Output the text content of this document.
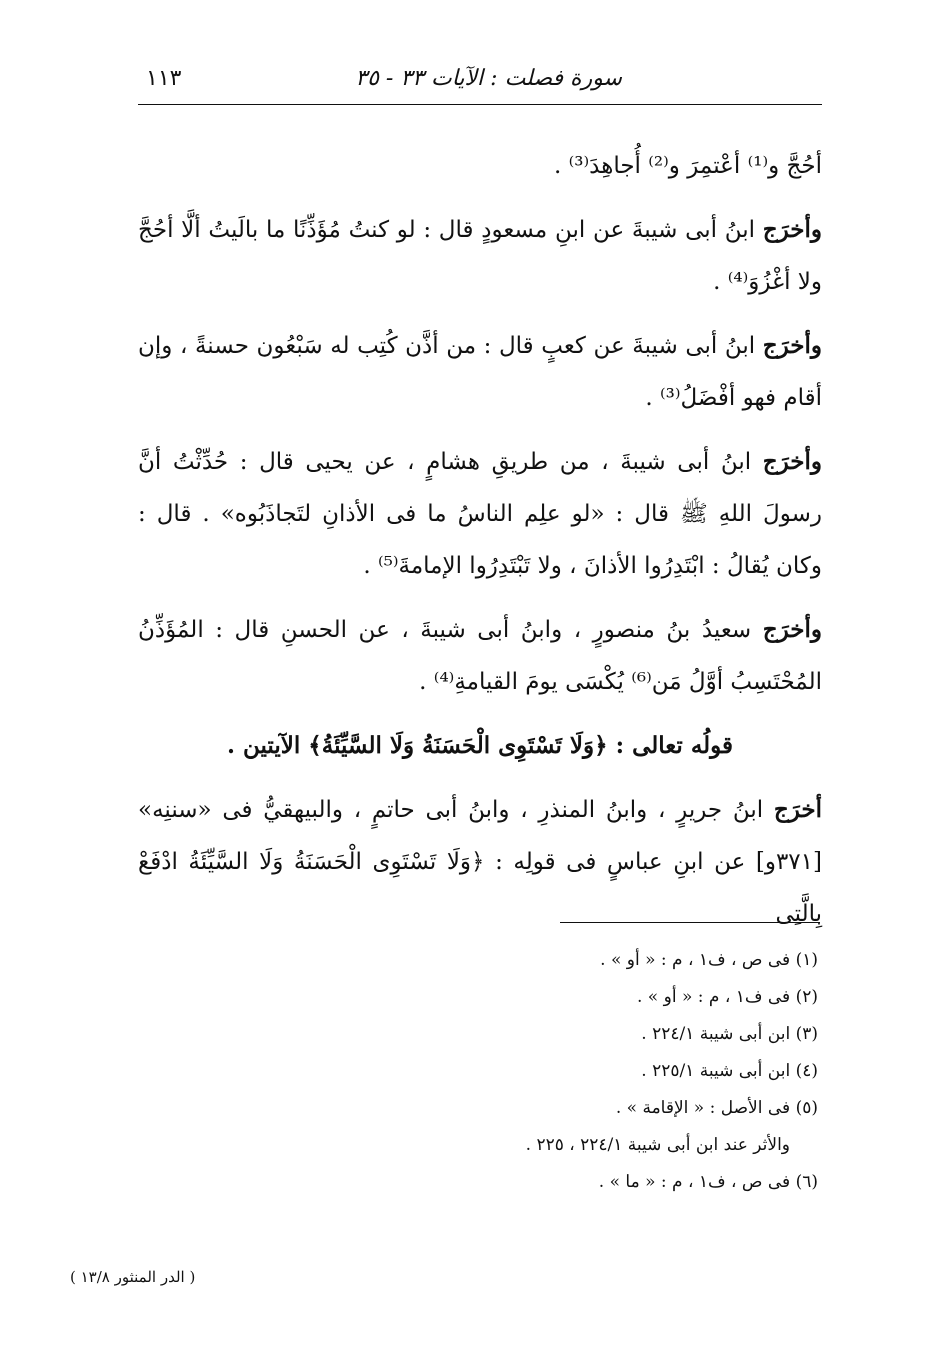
سورة فصلت : الآيات ٣٣ - ٣٥
١١٣

أحُجَّ و⁽¹⁾ أعْتمِرَ و⁽²⁾ أُجاهِدَ⁽³⁾ .

وأخرَج ابنُ أبى شيبةَ عن ابنِ مسعودٍ قال : لو كنتُ مُؤَذِّنًا ما بالَيتُ ألَّا أحُجَّ ولا أغْزُوَ⁽⁴⁾ .

وأخرَج ابنُ أبى شيبةَ عن كعبٍ قال : من أذَّن كُتِب له سَبْعُون حسنةً ، وإن أقام فهو أفْضَلُ⁽³⁾ .

وأخرَج ابنُ أبى شيبةَ ، من طريقِ هشامٍ ، عن يحيى قال : حُدِّثْتُ أنَّ رسولَ اللهِ ﷺ قال : «لو علِم الناسُ ما فى الأذانِ لتَجاذَبُوه» . قال : وكان يُقالُ : ابْتَدِرُوا الأذانَ ، ولا تَبْتَدِرُوا الإمامةَ⁽⁵⁾ .

وأخرَج سعيدُ بنُ منصورٍ ، وابنُ أبى شيبةَ ، عن الحسنِ قال : المُؤَذِّنُ المُحْتَسِبُ أوَّلُ مَن⁽⁶⁾ يُكْسَى يومَ القيامةِ⁽⁴⁾ .

قولُه تعالى : ﴿وَلَا تَسْتَوِى الْحَسَنَةُ وَلَا السَّيِّئَةُ﴾ الآيتين .

أخرَج ابنُ جريرٍ ، وابنُ المنذرِ ، وابنُ أبى حاتمٍ ، والبيهقيُّ فى «سننِه» [٣٧١و] عن ابنِ عباسٍ فى قولِه : ﴿وَلَا تَسْتَوِى الْحَسَنَةُ وَلَا السَّيِّئَةُ ادْفَعْ بِالَّتِى

(١) فى ص ، ف١ ، م : « أو » .

(٢) فى ف١ ، م : « أو » .

(٣) ابن أبى شيبة ٢٢٤/١ .

(٤) ابن أبى شيبة ٢٢٥/١ .

(٥) فى الأصل : « الإقامة » .

والأثر عند ابن أبى شيبة ٢٢٤/١ ، ٢٢٥ .

(٦) فى ص ، ف١ ، م : « ما » .

( الدر المنثور ١٣/٨ )
